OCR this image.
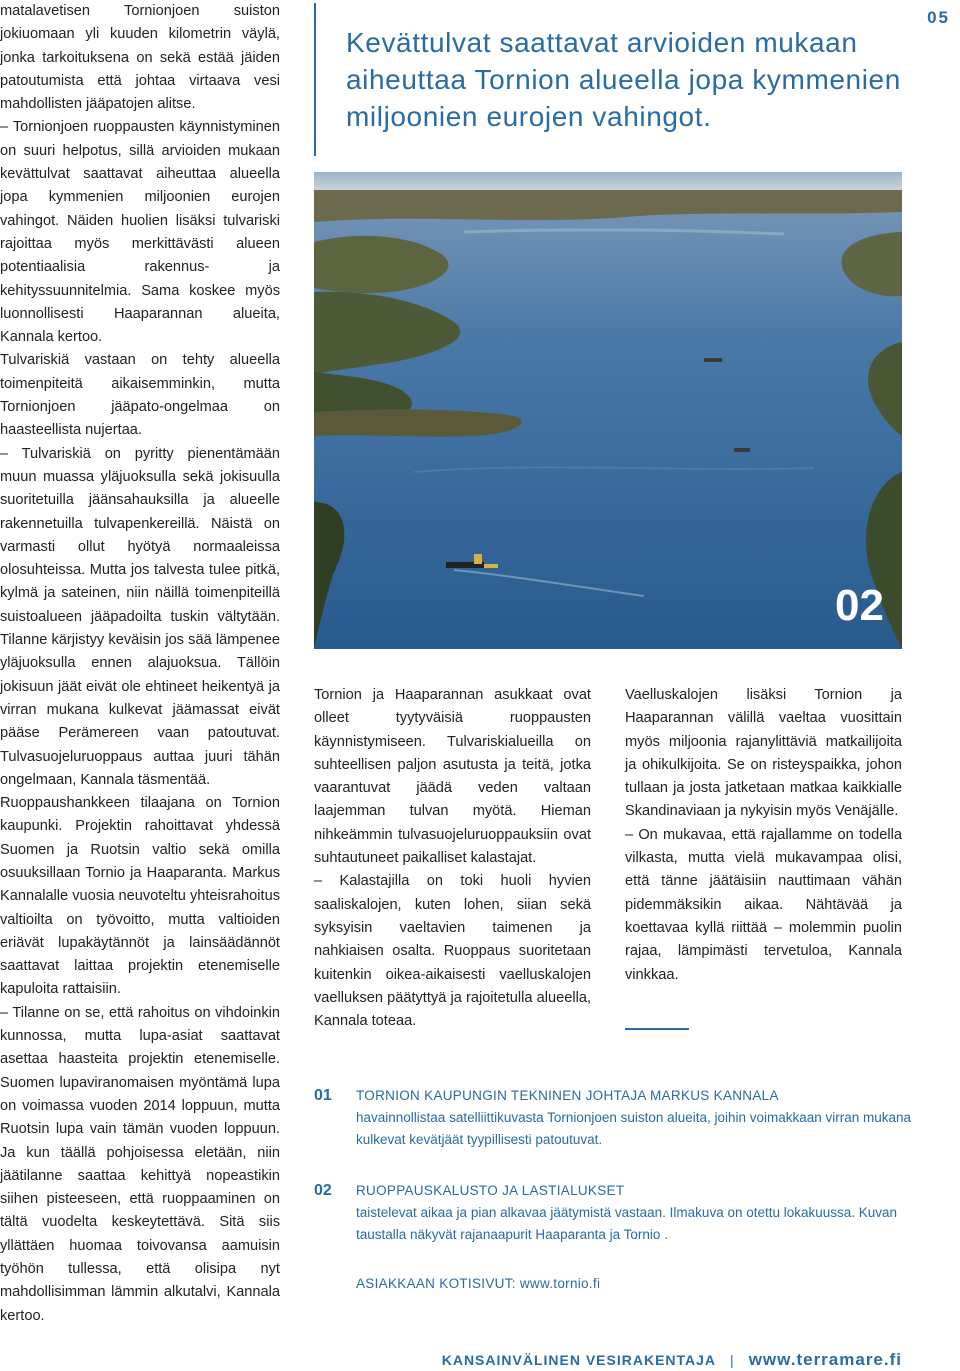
matalavetisen Tornionjoen suiston jokiuomaan yli kuuden kilometrin väylä, jonka tarkoituksena on sekä estää jäiden patoutumista että johtaa virtaava vesi mahdollisten jääpatojen alitse.

– Tornionjoen ruoppausten käynnistyminen on suuri helpotus, sillä arvioiden mukaan kevättulvat saattavat aiheuttaa alueella jopa kymmenien miljoonien eurojen vahingot. Näiden huolien lisäksi tulvariski rajoittaa myös merkittävästi alueen potentiaalisia rakennus- ja kehityssuunnitelmia. Sama koskee myös luonnollisesti Haaparannan alueita, Kannala kertoo.

Tulvariskiä vastaan on tehty alueella toimenpiteitä aikaisemminkin, mutta Tornionjoen jääpato-ongelmaa on haasteellista nujertaa.

– Tulvariskiä on pyritty pienentämään muun muassa yläjuoksulla sekä jokisuulla suoritetuilla jäänsahauksilla ja alueelle rakennetuilla tulvapenkereillä. Näistä on varmasti ollut hyötyä normaaleissa olosuhteissa. Mutta jos talvesta tulee pitkä, kylmä ja sateinen, niin näillä toimenpiteillä suistoalueen jääpadoilta tuskin vältytään. Tilanne kärjistyy keväisin jos sää lämpenee yläjuoksulla ennen alajuoksua. Tällöin jokisuun jäät eivät ole ehtineet heikentyä ja virran mukana kulkevat jäämassat eivät pääse Perämereen vaan patoutuvat. Tulvasuojeluruoppaus auttaa juuri tähän ongelmaan, Kannala täsmentää.

Ruoppaushankkeen tilaajana on Tornion kaupunki. Projektin rahoittavat yhdessä Suomen ja Ruotsin valtio sekä omilla osuuksillaan Tornio ja Haaparanta. Markus Kannalalle vuosia neuvoteltu yhteisrahoitus valtioilta on työvoitto, mutta valtioiden eriävät lupakäytännöt ja lainsäädännöt saattavat laittaa projektin etenemiselle kapuloita rattaisiin.

– Tilanne on se, että rahoitus on vihdoinkin kunnossa, mutta lupa-asiat saattavat asettaa haasteita projektin etenemiselle. Suomen lupaviranomaisen myöntämä lupa on voimassa vuoden 2014 loppuun, mutta Ruotsin lupa vain tämän vuoden loppuun. Ja kun täällä pohjoisessa eletään, niin jäätilanne saattaa kehittyä nopeastikin siihen pisteeseen, että ruoppaaminen on tältä vuodelta keskeytettävä. Sitä siis yllättäen huomaa toivovansa aamuisin työhön tullessa, että olisipa nyt mahdollisimman lämmin alkutalvi, Kannala kertoo.

Kevättulvat saattavat arvioiden mukaan aiheuttaa Tornion alueella jopa kymmenien miljoonien eurojen vahingot.
05
02

Tornion ja Haaparannan asukkaat ovat olleet tyytyväisiä ruoppausten käynnistymiseen. Tulvariskialueilla on suhteellisen paljon asutusta ja teitä, jotka vaarantuvat jäädä veden valtaan laajemman tulvan myötä. Hieman nihkeämmin tulvasuojeluruoppauksiin ovat suhtautuneet paikalliset kalastajat.

– Kalastajilla on toki huoli hyvien saaliskalojen, kuten lohen, siian sekä syksyisin vaeltavien taimenen ja nahkiaisen osalta. Ruoppaus suoritetaan kuitenkin oikea-aikaisesti vaelluskalojen vaelluksen päätyttyä ja rajoitetulla alueella, Kannala toteaa.

Vaelluskalojen lisäksi Tornion ja Haaparannan välillä vaeltaa vuosittain myös miljoonia rajanylittäviä matkailijoita ja ohikulkijoita. Se on risteyspaikka, johon tullaan ja josta jatketaan matkaa kaikkialle Skandinaviaan ja nykyisin myös Venäjälle.

– On mukavaa, että rajallamme on todella vilkasta, mutta vielä mukavampaa olisi, että tänne jäätäisiin nauttimaan vähän pidemmäksikin aikaa. Nähtävää ja koettavaa kyllä riittää – molemmin puolin rajaa, lämpimästi tervetuloa, Kannala vinkkaa.

01 TORNION KAUPUNGIN TEKNINEN JOHTAJA MARKUS KANNALA
havainnollistaa satelliittikuvasta Tornionjoen suiston alueita, joihin voimakkaan virran mukana kulkevat kevätjäät tyypillisesti patoutuvat.
02 RUOPPAUSKALUSTO JA LASTIALUKSET
taistelevat aikaa ja pian alkavaa jäätymistä vastaan. Ilmakuva on otettu lokakuussa. Kuvan taustalla näkyvät rajanaapurit Haaparanta ja Tornio .
ASIAKKAAN KOTISIVUT: www.tornio.fi
KANSAINVÄLINEN VESIRAKENTAJA | www.terramare.fi
